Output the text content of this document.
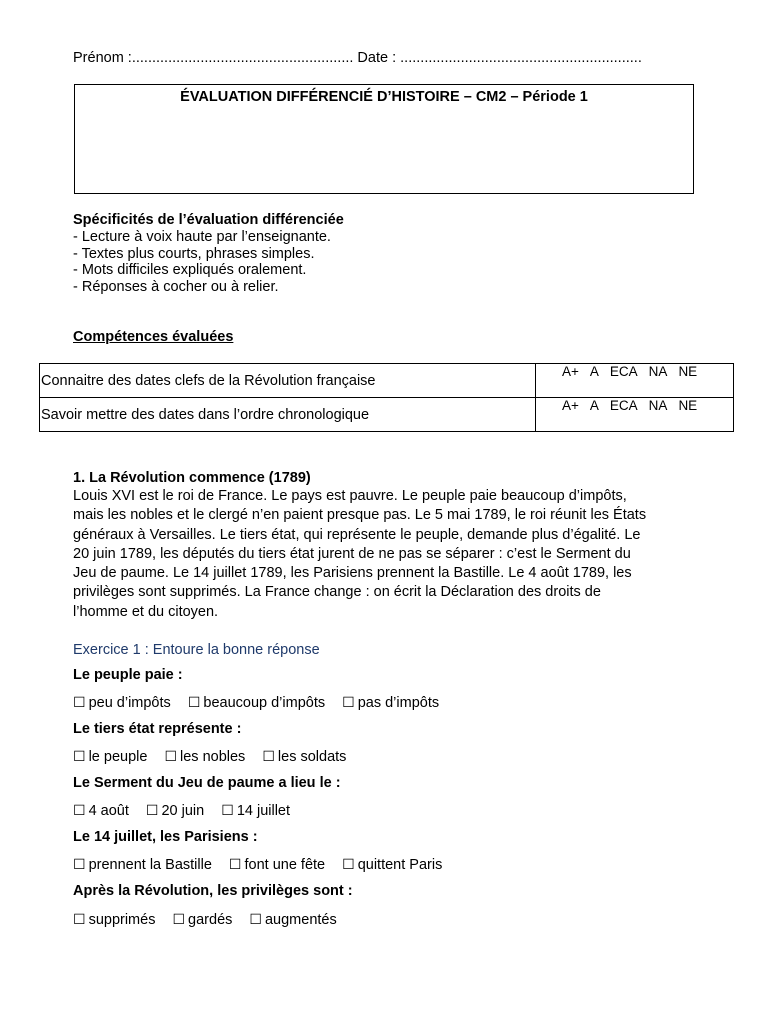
Prénom :....................................................... Date : ............................................................
ÉVALUATION DIFFÉRENCIÉ D’HISTOIRE – CM2 – Période 1
Spécificités de l’évaluation différenciée
- Lecture à voix haute par l’enseignante.
- Textes plus courts, phrases simples.
- Mots difficiles expliqués oralement.
- Réponses à cocher ou à relier.
Compétences évaluées
Connaitre des dates clefs de la Révolution française	A+ A ECA NA NE
Savoir mettre des dates dans l’ordre chronologique	A+ A ECA NA NE
1. La Révolution commence (1789)
Louis XVI est le roi de France. Le pays est pauvre. Le peuple paie beaucoup d’impôts,
mais les nobles et le clergé n’en paient presque pas. Le 5 mai 1789, le roi réunit les États
généraux à Versailles. Le tiers état, qui représente le peuple, demande plus d’égalité. Le
20 juin 1789, les députés du tiers état jurent de ne pas se séparer : c’est le Serment du
Jeu de paume. Le 14 juillet 1789, les Parisiens prennent la Bastille. Le 4 août 1789, les
privilèges sont supprimés. La France change : on écrit la Déclaration des droits de
l’homme et du citoyen.
Exercice 1 : Entoure la bonne réponse
Le peuple paie :
☐ peu d’impôts ☐ beaucoup d’impôts ☐ pas d’impôts
Le tiers état représente :
☐ le peuple ☐ les nobles ☐ les soldats
Le Serment du Jeu de paume a lieu le :
☐ 4 août ☐ 20 juin ☐ 14 juillet
Le 14 juillet, les Parisiens :
☐ prennent la Bastille ☐ font une fête ☐ quittent Paris
Après la Révolution, les privilèges sont :
☐ supprimés ☐ gardés ☐ augmentés
